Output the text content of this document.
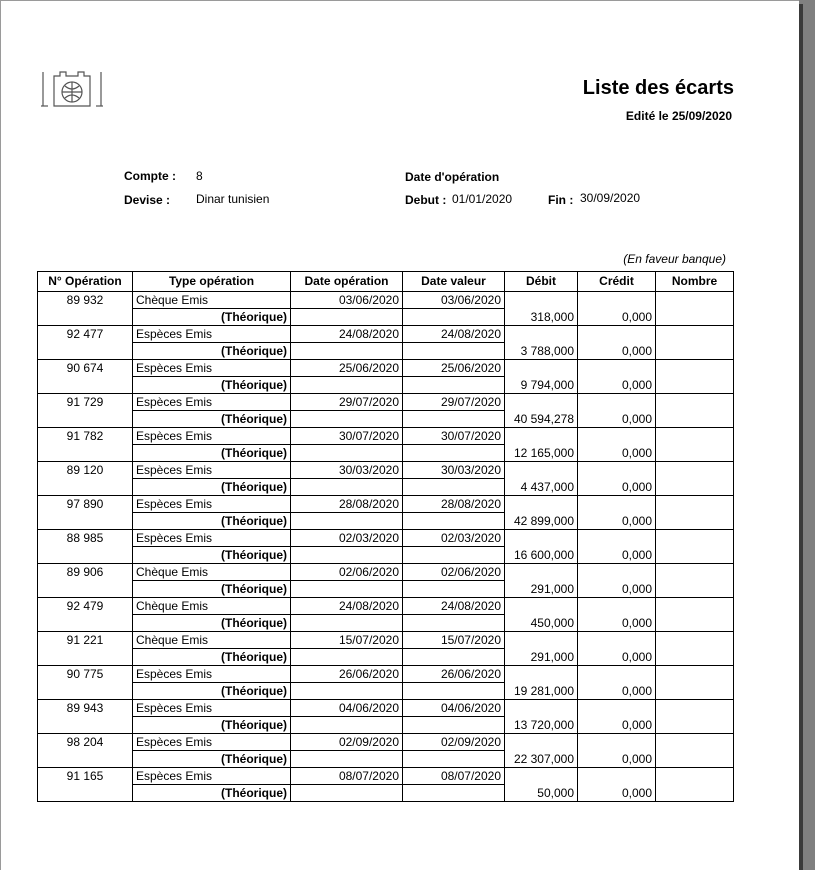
Liste des écarts
Edité le 25/09/2020
Compte : 8
Devise : Dinar tunisien
Date d'opération
Debut : 01/01/2020	Fin : 30/09/2020
(En faveur banque)
N° Opération	Type opération	Date opération	Date valeur	Débit	Crédit	Nombre
89 932	Chèque Emis	03/06/2020	03/06/2020	318,000	0,000	
	(Théorique)					
92 477	Espèces Emis	24/08/2020	24/08/2020	3 788,000	0,000	
	(Théorique)					
90 674	Espèces Emis	25/06/2020	25/06/2020	9 794,000	0,000	
	(Théorique)					
91 729	Espèces Emis	29/07/2020	29/07/2020	40 594,278	0,000	
	(Théorique)					
91 782	Espèces Emis	30/07/2020	30/07/2020	12 165,000	0,000	
	(Théorique)					
89 120	Espèces Emis	30/03/2020	30/03/2020	4 437,000	0,000	
	(Théorique)					
97 890	Espèces Emis	28/08/2020	28/08/2020	42 899,000	0,000	
	(Théorique)					
88 985	Espèces Emis	02/03/2020	02/03/2020	16 600,000	0,000	
	(Théorique)					
89 906	Chèque Emis	02/06/2020	02/06/2020	291,000	0,000	
	(Théorique)					
92 479	Chèque Emis	24/08/2020	24/08/2020	450,000	0,000	
	(Théorique)					
91 221	Chèque Emis	15/07/2020	15/07/2020	291,000	0,000	
	(Théorique)					
90 775	Espèces Emis	26/06/2020	26/06/2020	19 281,000	0,000	
	(Théorique)					
89 943	Espèces Emis	04/06/2020	04/06/2020	13 720,000	0,000	
	(Théorique)					
98 204	Espèces Emis	02/09/2020	02/09/2020	22 307,000	0,000	
	(Théorique)					
91 165	Espèces Emis	08/07/2020	08/07/2020	50,000	0,000	
	(Théorique)					
